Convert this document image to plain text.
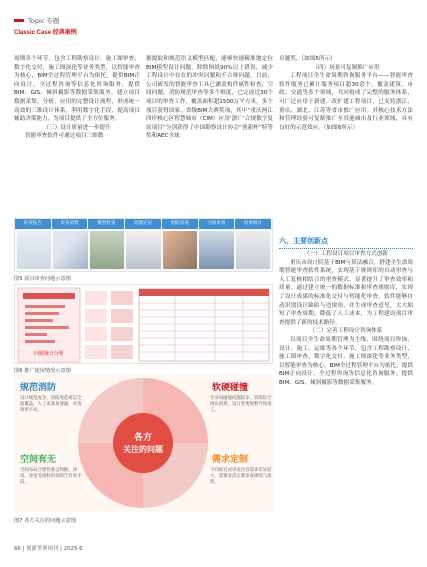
Topic 专题
Classic Case 经典案例

周期各个环节，包含工程勘察设计、施工图审查、数字化交付、施工图深化等业务类型，以智能审查为核心，BIM全过程管理平台为依托，提供BIM正向设计、全过程咨询等信息化咨询服务，提供BIM、GIS、倾斜摄影等数据采集服务。建立项目数据采集、分析、应用的完整设计流程，形成统一高效的三维设计体系，利用数字化手段，提高项目辅助决策能力，为项目提供了全方位服务。

（三）设计质量进一步提升

智能审查软件可通过项目三维数

据提取和规范语义模型匹配，能够快速精准地定位BIM模型设计问题，除除图纸90%以上错误，减少工程设计中存在的冲突问题和不合规问题。目前，公司研发的智能审查工具已涵盖构件属性检查、空间问题、消防规范审查等多个维度，已完成近30个项目的审查工作，覆盖面积超1500万平方米，多个项目获得国家、省级BIM大赛奖项，其中“重庆两江四岸核心区智慧城市（CIM）应用‘浙广’合规数字复原项目”分别获得了中国勘察设计协会“创新杯”特等奖和AEC全球

卓越奖。（如图5所示）

（四）场景可复制推广应用

工程项目全生命周期咨询服务平台——智能审查软件服务已累计服务项目超30余个，覆盖建筑、市政、交通等多个领域，共同构成了完整的服务体系，可广泛应用于新建、改扩建工程项目，已支持浙江、重庆、湖北、江苏等省市推广应用。其核心技术方法和管理经验可复制推广至其他城市及行业领域，具有良好的示范效应。（如图6所示）

六、主要创新点

（一）工程设计项目审查方式创新

重庆市设计院基于BIM与算法融合，搭建全生命周期智能审查软件系统，实现基于规则库的自动审查与人工复核相结合的审查模式，显著提升了审查效率和质量。通过建立统一的数据标准和审查规则库，实现了设计成果的标准化交付与智能化审查。软件能够自动识别设计缺陷与违规项，并生成审查意见，大大缩短了审查周期，降低了人工成本，为工程建设项目审查提供了新的技术路径。

（二）完善工程设计咨询体系

以项目全生命周期管理为主线，围绕项目咨询、设计、施工、运维等各个环节，包含工程勘察设计、施工图审查、数字化交付、施工图深化等业务类型，以智能审查为核心，BIM全过程管理平台为依托，提供BIM正向设计、全过程咨询等信息化咨询服务，提供BIM、GIS、倾斜摄影等数据采集服务。

审查报告	审查流程	模型检查	问题定位	消防审查	空间审查	结果统计
图5 项目审查问题示意图
问题统计分析
图6 推广使用情况示意图
各方
关注的问题
规范消防
设计规范复杂，消防规范难以全面覆盖，人工审查易遗漏，审查效率不高。
软硬碰撞
专业间碰撞问题较多，管线综合排布困难，设计变更频繁导致返工。
空间有无
空间布局合理性难以判断，净高、净宽等指标审查缺乏有效手段。
需求定制
不同项目对审查内容需求差异较大，需要灵活定制审查规则与流程。
图7 各方关注的问题示意图
66 | 创新世界周刊 | 2025.6
